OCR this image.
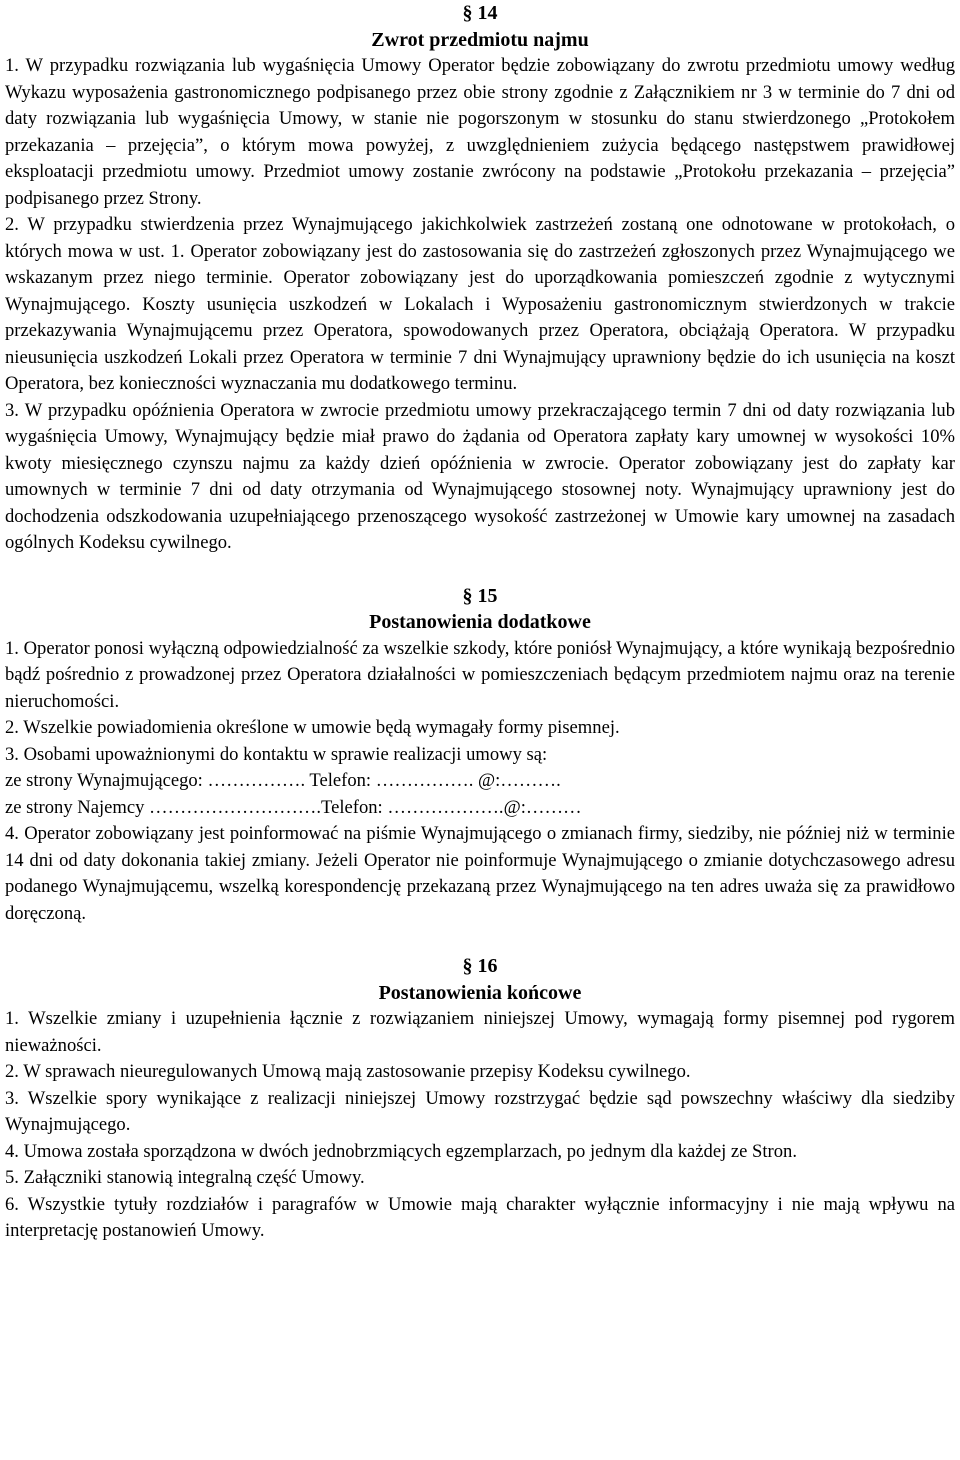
§ 14
Zwrot przedmiotu najmu

1. W przypadku rozwiązania lub wygaśnięcia Umowy Operator będzie zobowiązany do zwrotu przedmiotu umowy według Wykazu wyposażenia gastronomicznego podpisanego przez obie strony zgodnie z Załącznikiem nr 3 w terminie do 7 dni od daty rozwiązania lub wygaśnięcia Umowy, w stanie nie pogorszonym w stosunku do stanu stwierdzonego „Protokołem przekazania – przejęcia”, o którym mowa powyżej, z uwzględnieniem zużycia będącego następstwem prawidłowej eksploatacji przedmiotu umowy. Przedmiot umowy zostanie zwrócony na podstawie „Protokołu przekazania – przejęcia” podpisanego przez Strony.

2. W przypadku stwierdzenia przez Wynajmującego jakichkolwiek zastrzeżeń zostaną one odnotowane w protokołach, o których mowa w ust. 1. Operator zobowiązany jest do zastosowania się do zastrzeżeń zgłoszonych przez Wynajmującego we wskazanym przez niego terminie. Operator zobowiązany jest do uporządkowania pomieszczeń zgodnie z wytycznymi Wynajmującego. Koszty usunięcia uszkodzeń w Lokalach i Wyposażeniu gastronomicznym stwierdzonych w trakcie przekazywania Wynajmującemu przez Operatora, spowodowanych przez Operatora, obciążają Operatora. W przypadku nieusunięcia uszkodzeń Lokali przez Operatora w terminie 7 dni Wynajmujący uprawniony będzie do ich usunięcia na koszt Operatora, bez konieczności wyznaczania mu dodatkowego terminu.

3. W przypadku opóźnienia Operatora w zwrocie przedmiotu umowy przekraczającego termin 7 dni od daty rozwiązania lub wygaśnięcia Umowy, Wynajmujący będzie miał prawo do żądania od Operatora zapłaty kary umownej w wysokości 10% kwoty miesięcznego czynszu najmu za każdy dzień opóźnienia w zwrocie. Operator zobowiązany jest do zapłaty kar umownych w terminie 7 dni od daty otrzymania od Wynajmującego stosownej noty. Wynajmujący uprawniony jest do dochodzenia odszkodowania uzupełniającego przenoszącego wysokość zastrzeżonej w Umowie kary umownej na zasadach ogólnych Kodeksu cywilnego.

§ 15
Postanowienia dodatkowe

1. Operator ponosi wyłączną odpowiedzialność za wszelkie szkody, które poniósł Wynajmujący, a które wynikają bezpośrednio bądź pośrednio z prowadzonej przez Operatora działalności w pomieszczeniach będącym przedmiotem najmu oraz na terenie nieruchomości.

2. Wszelkie powiadomienia określone w umowie będą wymagały formy pisemnej.

3. Osobami upoważnionymi do kontaktu w sprawie realizacji umowy są:

ze strony Wynajmującego: ……………. Telefon: ……………. @:……….

ze strony Najemcy ……………………….Telefon: ……………….@:………

4. Operator zobowiązany jest poinformować na piśmie Wynajmującego o zmianach firmy, siedziby, nie później niż w terminie 14 dni od daty dokonania takiej zmiany. Jeżeli Operator nie poinformuje Wynajmującego o zmianie dotychczasowego adresu podanego Wynajmującemu, wszelką korespondencję przekazaną przez Wynajmującego na ten adres uważa się za prawidłowo doręczoną.

§ 16
Postanowienia końcowe

1. Wszelkie zmiany i uzupełnienia łącznie z rozwiązaniem niniejszej Umowy, wymagają formy pisemnej pod rygorem nieważności.

2. W sprawach nieuregulowanych Umową mają zastosowanie przepisy Kodeksu cywilnego.

3. Wszelkie spory wynikające z realizacji niniejszej Umowy rozstrzygać będzie sąd powszechny właściwy dla siedziby Wynajmującego.

4. Umowa została sporządzona w dwóch jednobrzmiących egzemplarzach, po jednym dla każdej ze Stron.

5. Załączniki stanowią integralną część Umowy.

6. Wszystkie tytuły rozdziałów i paragrafów w Umowie mają charakter wyłącznie informacyjny i nie mają wpływu na interpretację postanowień Umowy.
